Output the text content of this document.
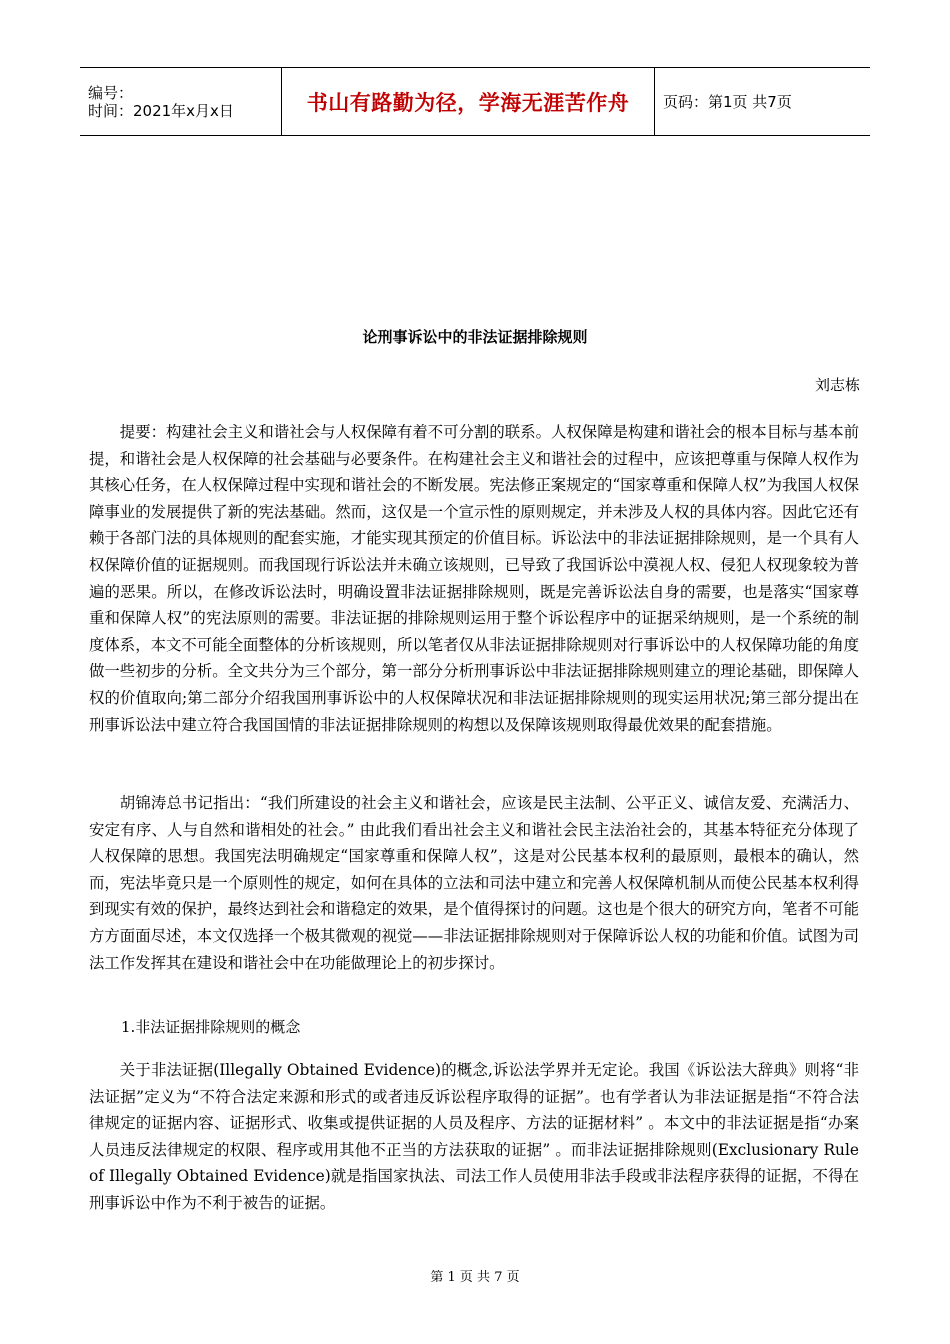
编号：
时间：2021年x月x日	书山有路勤为径，学海无涯苦作舟	页码：第1页 共7页
论刑事诉讼中的非法证据排除规则
刘志栋

提要：构建社会主义和谐社会与人权保障有着不可分割的联系。人权保障是构建和谐社会的根本目标与基本前提，和谐社会是人权保障的社会基础与必要条件。在构建社会主义和谐社会的过程中，应该把尊重与保障人权作为其核心任务，在人权保障过程中实现和谐社会的不断发展。宪法修正案规定的“国家尊重和保障人权”为我国人权保障事业的发展提供了新的宪法基础。然而，这仅是一个宣示性的原则规定，并未涉及人权的具体内容。因此它还有赖于各部门法的具体规则的配套实施，才能实现其预定的价值目标。诉讼法中的非法证据排除规则，是一个具有人权保障价值的证据规则。而我国现行诉讼法并未确立该规则，已导致了我国诉讼中漠视人权、侵犯人权现象较为普遍的恶果。所以，在修改诉讼法时，明确设置非法证据排除规则，既是完善诉讼法自身的需要，也是落实“国家尊重和保障人权”的宪法原则的需要。非法证据的排除规则运用于整个诉讼程序中的证据采纳规则，是一个系统的制度体系，本文不可能全面整体的分析该规则，所以笔者仅从非法证据排除规则对行事诉讼中的人权保障功能的角度做一些初步的分析。全文共分为三个部分，第一部分分析刑事诉讼中非法证据排除规则建立的理论基础，即保障人权的价值取向;第二部分介绍我国刑事诉讼中的人权保障状况和非法证据排除规则的现实运用状况;第三部分提出在刑事诉讼法中建立符合我国国情的非法证据排除规则的构想以及保障该规则取得最优效果的配套措施。

胡锦涛总书记指出：“我们所建设的社会主义和谐社会，应该是民主法制、公平正义、诚信友爱、充满活力、安定有序、人与自然和谐相处的社会。” 由此我们看出社会主义和谐社会民主法治社会的，其基本特征充分体现了人权保障的思想。我国宪法明确规定“国家尊重和保障人权”，这是对公民基本权利的最原则，最根本的确认，然而，宪法毕竟只是一个原则性的规定，如何在具体的立法和司法中建立和完善人权保障机制从而使公民基本权利得到现实有效的保护，最终达到社会和谐稳定的效果，是个值得探讨的问题。这也是个很大的研究方向，笔者不可能方方面面尽述，本文仅选择一个极其微观的视觉——非法证据排除规则对于保障诉讼人权的功能和价值。试图为司法工作发挥其在建设和谐社会中在功能做理论上的初步探讨。

1.非法证据排除规则的概念

关于非法证据(Illegally Obtained Evidence)的概念,诉讼法学界并无定论。我国《诉讼法大辞典》则将“非法证据”定义为“不符合法定来源和形式的或者违反诉讼程序取得的证据”。也有学者认为非法证据是指“不符合法律规定的证据内容、证据形式、收集或提供证据的人员及程序、方法的证据材料” 。本文中的非法证据是指“办案人员违反法律规定的权限、程序或用其他不正当的方法获取的证据” 。而非法证据排除规则(Exclusionary Rule of Illegally Obtained Evidence)就是指国家执法、司法工作人员使用非法手段或非法程序获得的证据，不得在刑事诉讼中作为不利于被告的证据。

第 1 页 共 7 页
